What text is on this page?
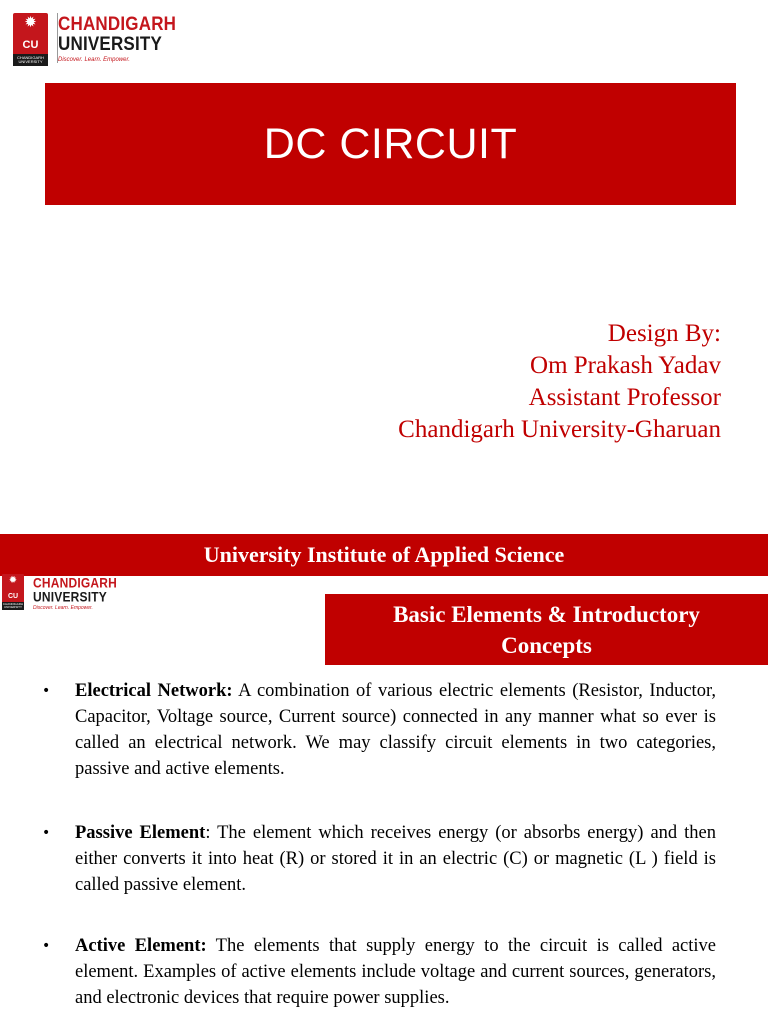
✹
CU
CHANDIGARH UNIVERSITY
CHANDIGARH
UNIVERSITY
Discover. Learn. Empower.
DC CIRCUIT
Design By:
Om Prakash Yadav
Assistant Professor
Chandigarh University-Gharuan
University Institute of Applied Science
✹
CU
CHANDIGARH UNIVERSITY
CHANDIGARH
UNIVERSITY
Discover. Learn. Empower.	Basic Elements & Introductory
Concepts
• Electrical Network: A combination of various electric elements (Resistor, Inductor, Capacitor, Voltage source, Current source) connected in any manner what so ever is called an electrical network. We may classify circuit elements in two categories, passive and active elements.
• Passive Element: The element which receives energy (or absorbs energy) and then either converts it into heat (R) or stored it in an electric (C) or magnetic (L ) field is called passive element.
• Active Element: The elements that supply energy to the circuit is called active element. Examples of active elements include voltage and current sources, generators, and electronic devices that require power supplies.
